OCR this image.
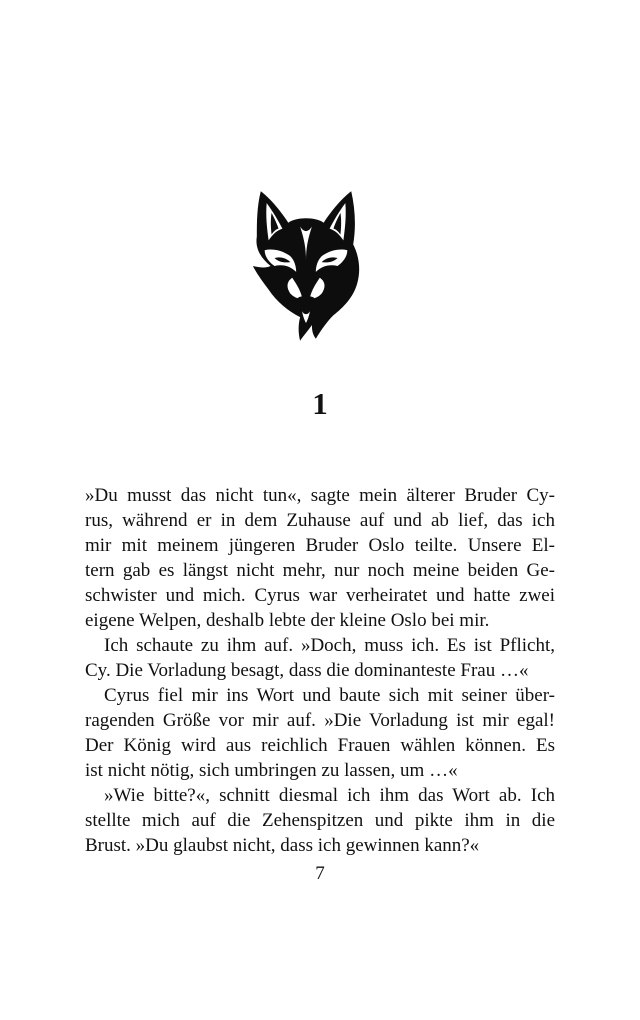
1
»Du musst das nicht tun«, sagte mein älterer Bruder Cy-
rus, während er in dem Zuhause auf und ab lief, das ich
mir mit meinem jüngeren Bruder Oslo teilte. Unsere El-
tern gab es längst nicht mehr, nur noch meine beiden Ge-
schwister und mich. Cyrus war verheiratet und hatte zwei
eigene Welpen, deshalb lebte der kleine Oslo bei mir.
Ich schaute zu ihm auf. »Doch, muss ich. Es ist Pflicht,
Cy. Die Vorladung besagt, dass die dominanteste Frau …«
Cyrus fiel mir ins Wort und baute sich mit seiner über-
ragenden Größe vor mir auf. »Die Vorladung ist mir egal!
Der König wird aus reichlich Frauen wählen können. Es
ist nicht nötig, sich umbringen zu lassen, um …«
»Wie bitte?«, schnitt diesmal ich ihm das Wort ab. Ich
stellte mich auf die Zehenspitzen und pikte ihm in die
Brust. »Du glaubst nicht, dass ich gewinnen kann?«
7
